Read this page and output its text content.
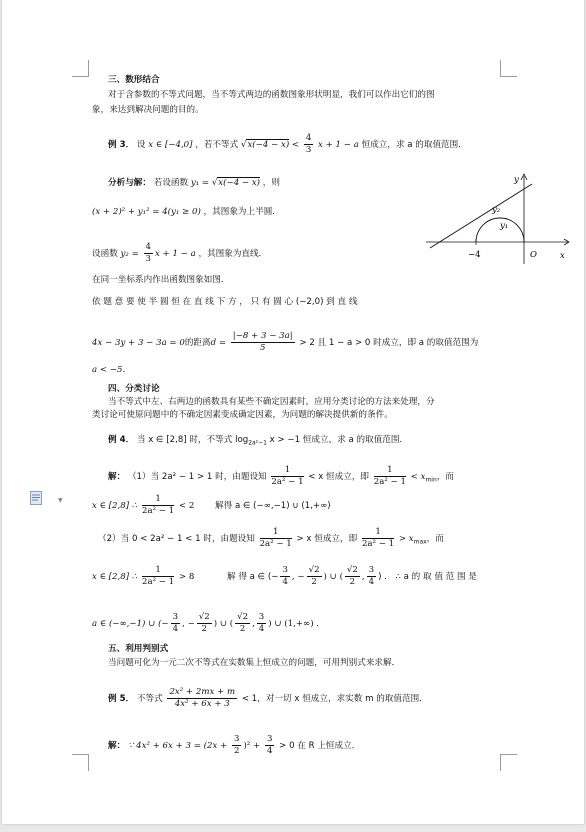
三、数形结合
对于含参数的不等式问题，当不等式两边的函数图象形状明显，我们可以作出它们的图
象，来达到解决问题的目的。
例 3． 设 x ∈ [−4,0] ，若不等式 $√x(-4 - x) < \frac{4}{3}$ x + 1 − a 恒成立，求 a 的取值范围．
分析与解： 若设函数 y₁ = √x(−4 − x) ，则
(x + 2)² + y₁² = 4(y₁ ≥ 0) ，其图象为上半圆．
设函数 $y_2 = \frac{4}{3}$ x + 1 − a ，其图象为直线．
在同一坐标系内作出函数图象如图．
依 题 意 要 使 半 圆 恒 在 直 线 下 方 ， 只 有 圆 心 (−2,0) 到 直 线
4x − 3y + 3 − 3a = 0的距离$d = \frac{|-8 + 3 - 3a|}{5} > 2$ 且 1 − a > 0 时成立，即 a 的取值范围为
a < −5．
y
y₂
y₁
−4	O	x
四、分类讨论
当不等式中左、右两边的函数具有某些不确定因素时，应用分类讨论的方法来处理，分
类讨论可使原问题中的不确定因素变成确定因素，为问题的解决提供新的条件。
例 4． 当 x ∈ [2,8] 时，不等式 $\log_{2a^2-1} x > -1$ 恒成立，求 a 的取值范围．
解： （1）当 2a² − 1 > 1 时，由题设知 $\frac{1}{\text{2a² − 1}} < x$ 恒成立，即 $\frac{1}{\text{2a² − 1}} < x_{min}$，而
x ∈ [2,8] ∴ $\frac{1}{\text{2a² − 1}} < 2$ 解得 a ∈ (−∞,−1) ∪ (1,+∞)
（2）当 0 < 2a² − 1 < 1 时，由题设知 $\frac{1}{\text{2a² − 1}} > x$ 恒成立，即 $\frac{1}{\text{2a² − 1}} > x_{max}$，而
x ∈ [2,8] ∴ $\frac{1}{\text{2a² − 1}} > 8$	解 得 a ∈ (− $\frac{3}{4}$ , − $\frac{√2}{2}$ ) ∪ ( $\frac{√2}{2}$ , $\frac{3}{4}$ ) ． ∴ a 的 取 值 范 围 是
a ∈ (−∞,−1) ∪ (− $\frac{3}{4}$ , − $\frac{√2}{2}$ ) ∪ ( $\frac{√2}{2}$ , $\frac{3}{4}$ ) ∪ (1,+∞) ．
五、利用判别式
当问题可化为一元二次不等式在实数集上恒成立的问题，可用判别式来求解．
例 5． 不等式 $\frac{\text{2x² + 2mx + m}}{\text{4x² + 6x + 3}} < 1$，对一切 x 恒成立，求实数 m 的取值范围．
解： ∵ $4x^2 + 6x + 3 = (2x + \frac{3}{2} )^2 + \frac{3}{4} > 0$ 在 R 上恒成立．
▼
